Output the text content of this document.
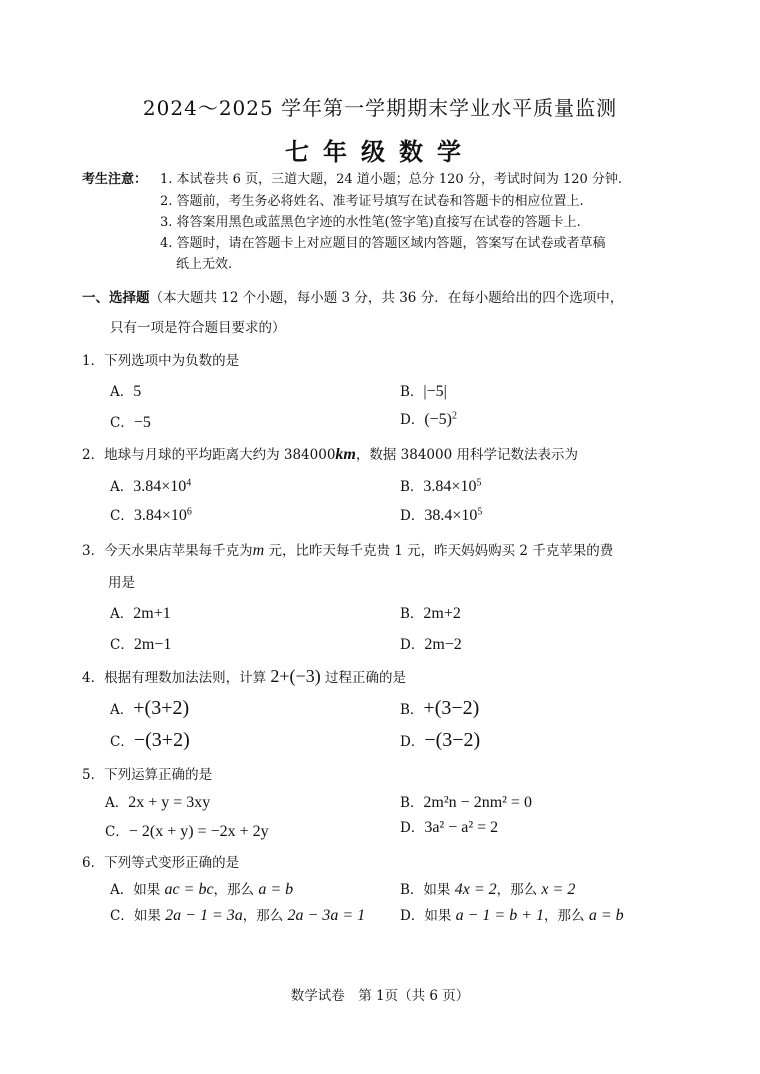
2024～2025 学年第一学期期末学业水平质量监测
七年级数学
考生注意： 1. 本试卷共 6 页，三道大题，24 道小题；总分 120 分，考试时间为 120 分钟.
2. 答题前，考生务必将姓名、准考证号填写在试卷和答题卡的相应位置上.
3. 将答案用黑色或蓝黑色字迹的水性笔(签字笔)直接写在试卷的答题卡上.
4. 答题时，请在答题卡上对应题目的答题区域内答题，答案写在试卷或者草稿
纸上无效.
一、选择题（本大题共 12 个小题，每小题 3 分，共 36 分．在每小题给出的四个选项中，
只有一项是符合题目要求的）
1．下列选项中为负数的是
A．5	B．|−5|
C．−5	D．$(-5)^2$
2．地球与月球的平均距离大约为 384000km，数据 384000 用科学记数法表示为
A．$3.84\times 10^4$	B．$3.84\times 10^5$
C．$3.84\times 10^6$	D．$38.4\times 10^5$
3．今天水果店苹果每千克为m 元，比昨天每千克贵 1 元，昨天妈妈购买 2 千克苹果的费
用是
A．2m+1	B．2m+2
C．2m−1	D．2m−2
4．根据有理数加法法则，计算 2+(−3) 过程正确的是
A．+(3+2)	B．+(3−2)
C．−(3+2)	D．−(3−2)
5．下列运算正确的是
A．2x + y = 3xy	B．2m²n − 2nm² = 0
C．− 2(x + y) = −2x + 2y	D．3a² − a² = 2
6．下列等式变形正确的是
A．如果 ac = bc，那么 a = b	B．如果 4x = 2，那么 x = 2
C．如果 2a − 1 = 3a，那么 2a − 3a = 1	D．如果 a − 1 = b + 1，那么 a = b
数学试卷　第 1页（共 6 页）
